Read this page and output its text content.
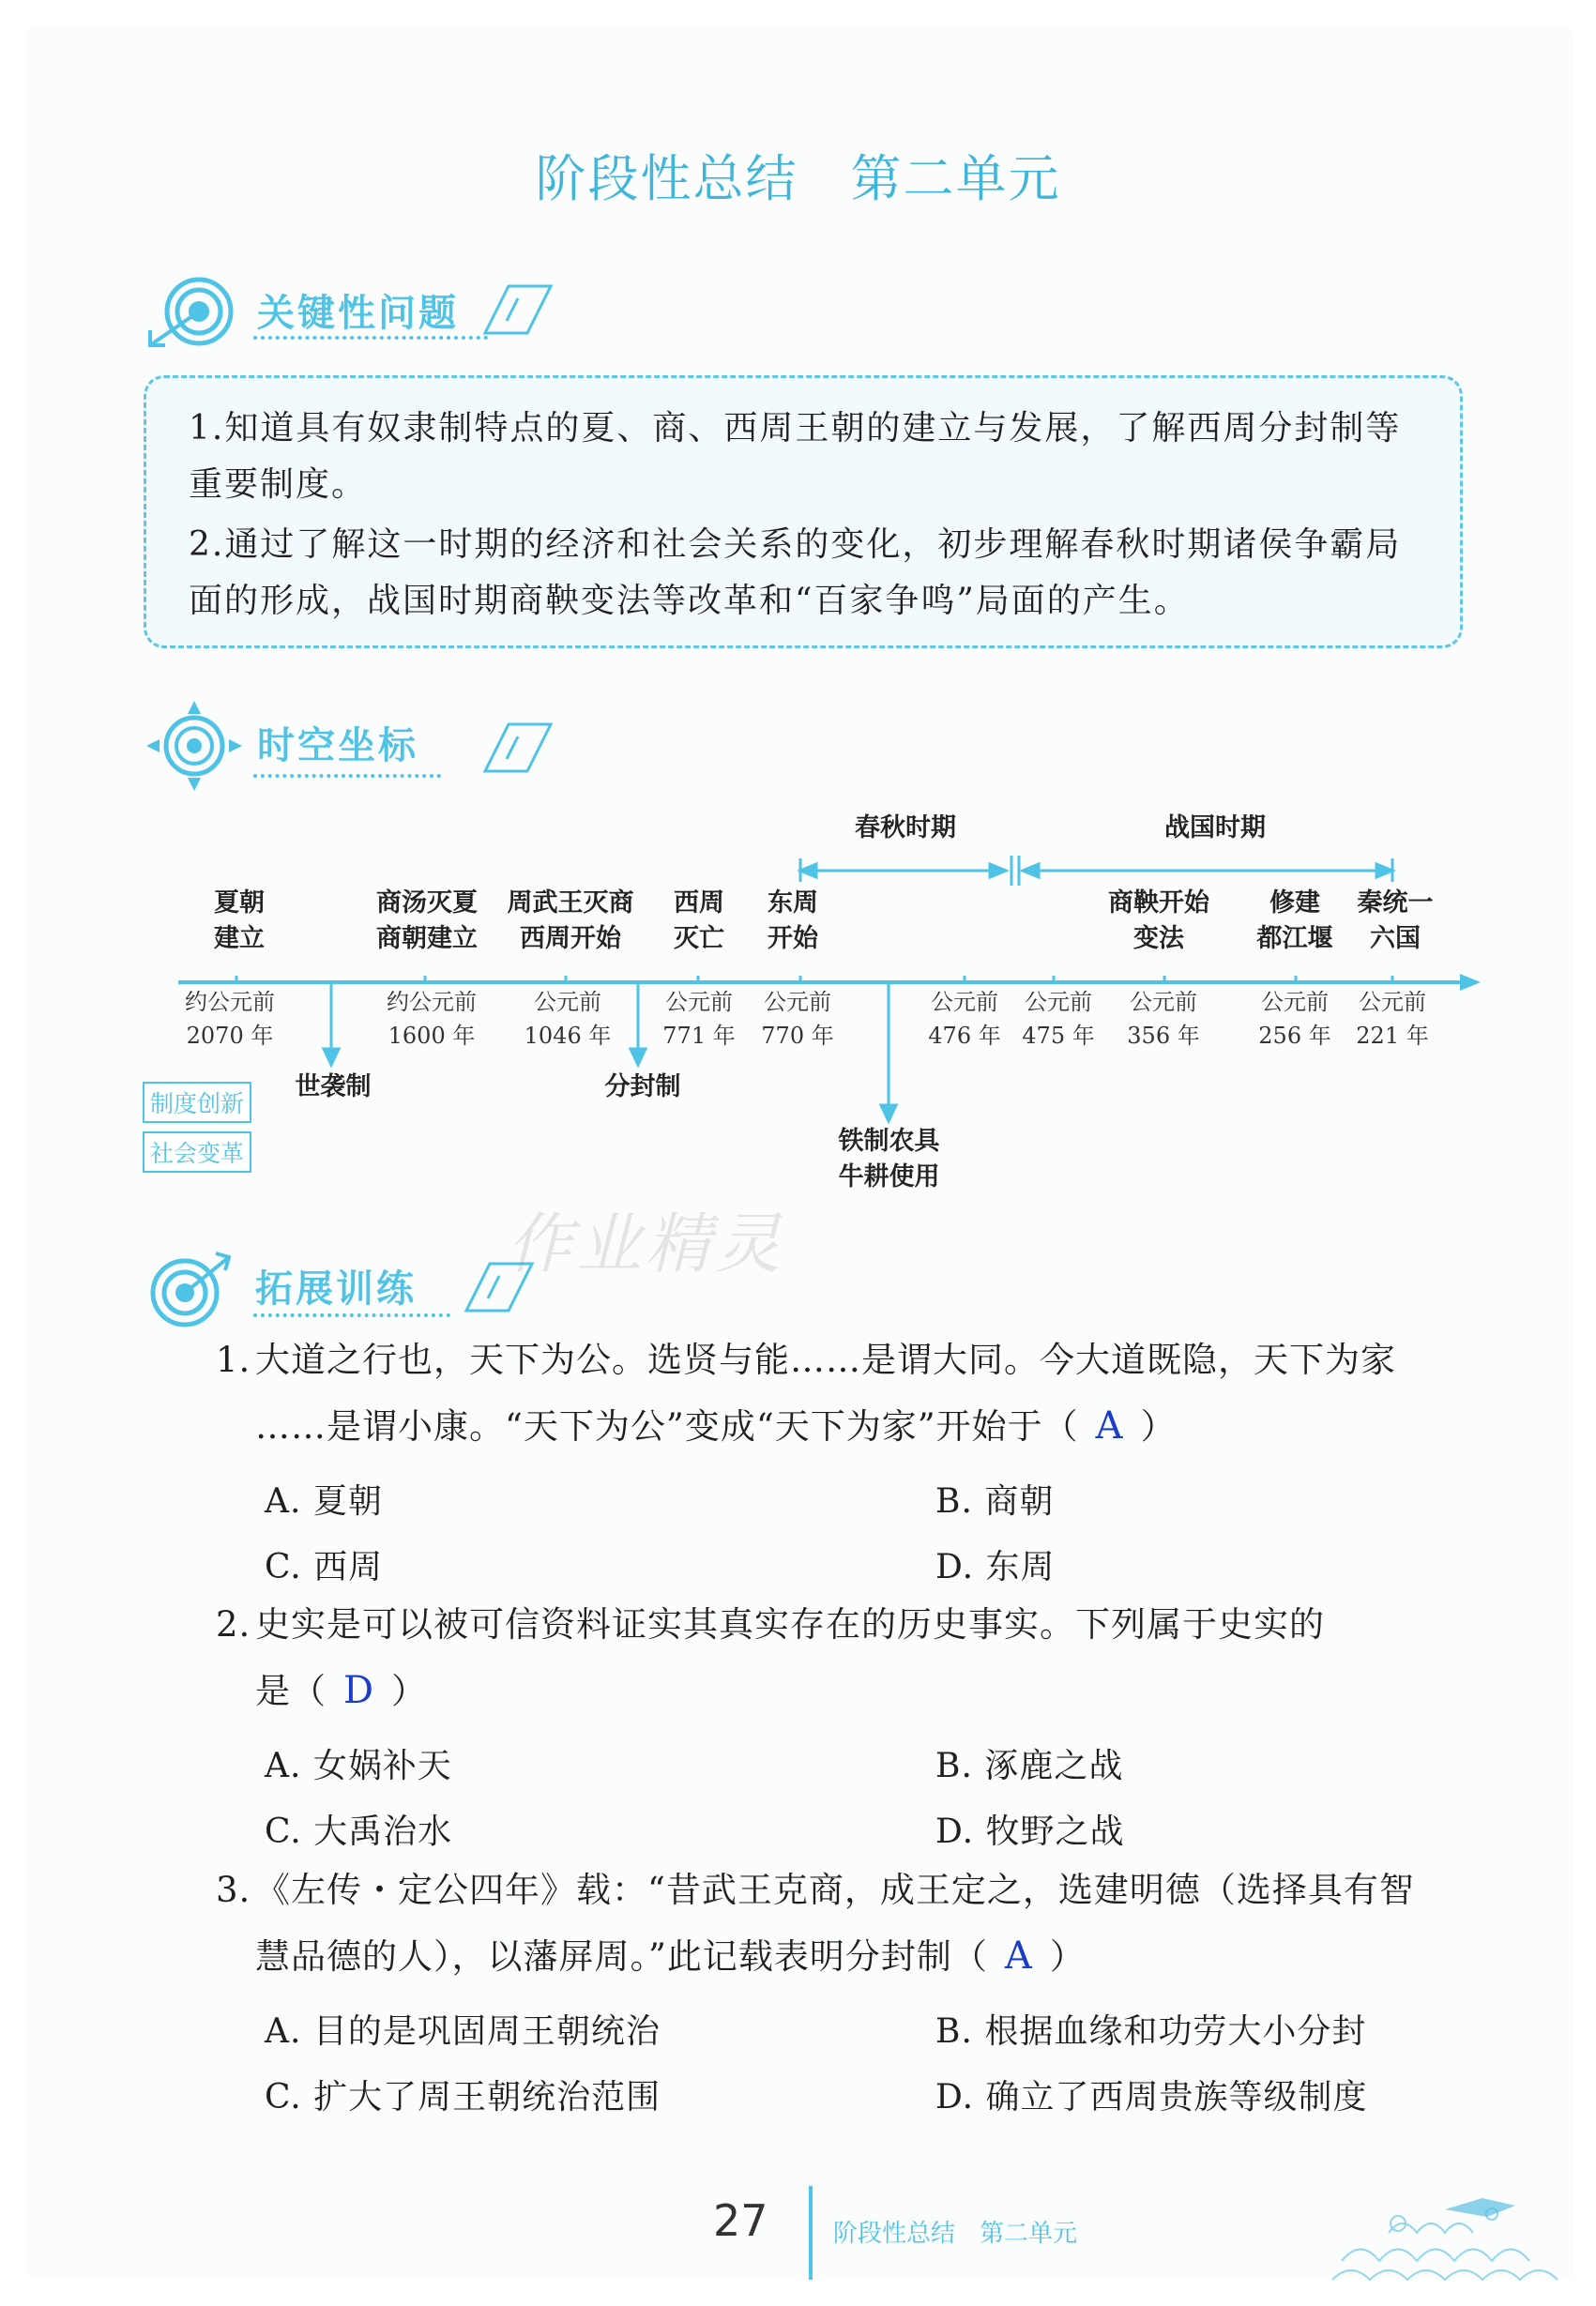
阶段性总结　第二单元
关键性问题
1.知道具有奴隶制特点的夏、商、西周王朝的建立与发展，了解西周分封制等重要制度。
2.通过了解这一时期的经济和社会关系的变化，初步理解春秋时期诸侯争霸局面的形成，战国时期商鞅变法等改革和“百家争鸣”局面的产生。
时空坐标
春秋时期	战国时期
夏朝
建立
商汤灭夏
商朝建立
周武王灭商
西周开始
西周
灭亡
东周
开始
商鞅开始
变法
修建
都江堰
秦统一
六国
约公元前
2070 年
约公元前
1600 年
公元前
1046 年
公元前
771 年
公元前
770 年
公元前
476 年
公元前
475 年
公元前
356 年
公元前
256 年
公元前
221 年
制度创新
社会变革
世袭制	分封制
铁制农具
牛耕使用
拓展训练
1. 大道之行也，天下为公。选贤与能……是谓大同。今大道既隐，天下为家
……是谓小康。“天下为公”变成“天下为家”开始于（ A ）
A. 夏朝	B. 商朝
C. 西周	D. 东周
2. 史实是可以被可信资料证实其真实存在的历史事实。下列属于史实的
是（ D ）
A. 女娲补天	B. 涿鹿之战
C. 大禹治水	D. 牧野之战
3. 《左传・定公四年》载：“昔武王克商，成王定之，选建明德（选择具有智
慧品德的人），以藩屏周。”此记载表明分封制（ A ）
A. 目的是巩固周王朝统治	B. 根据血缘和功劳大小分封
C. 扩大了周王朝统治范围	D. 确立了西周贵族等级制度
作业精灵
27	阶段性总结　第二单元
